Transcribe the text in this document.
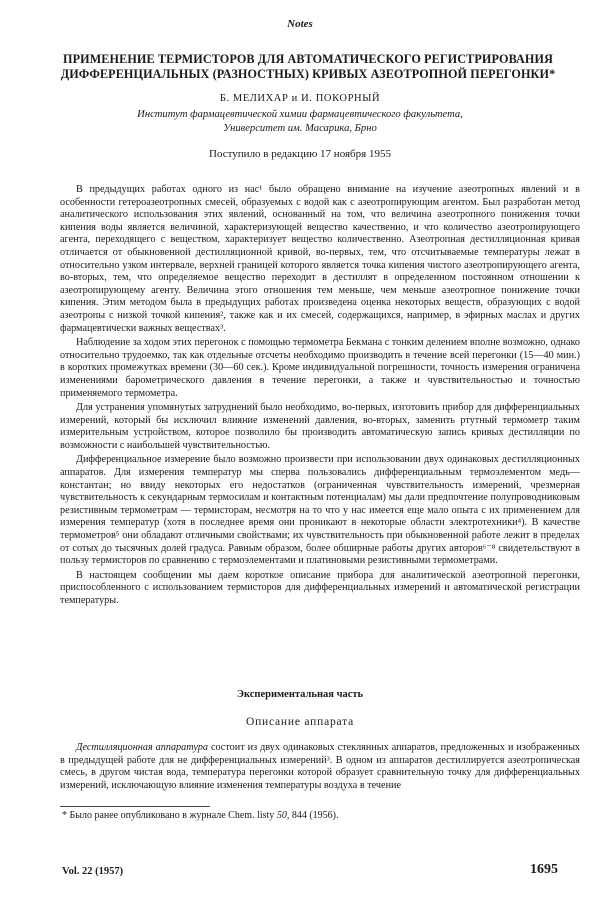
Notes
ПРИМЕНЕНИЕ ТЕРМИСТОРОВ ДЛЯ АВТОМАТИЧЕСКОГО РЕГИСТРИРОВАНИЯ ДИФФЕРЕНЦИАЛЬНЫХ (РАЗНОСТНЫХ) КРИВЫХ АЗЕОТРОПНОЙ ПЕРЕГОНКИ*
Б. МЕЛИХАР и И. ПОКОРНЫЙ
Институт фармацевтической химии фармацевтического факультета,
Университет им. Масарика, Брно
Поступило в редакцию 17 ноября 1955

В предыдущих работах одного из нас¹ было обращено внимание на изучение азеотропных явлений и в особенности гетероазеотропных смесей, образуемых с водой как с азеотропирующим агентом. Был разработан метод аналитического использования этих явлений, основанный на том, что величина азеотропного понижения точки кипения воды является величиной, характеризующей вещество качественно, и что количество азеотропирующего агента, переходящего с веществом, характеризует вещество количественно. Азеотропная дестилляционная кривая отличается от обыкновенной дестилляционной кривой, во-первых, тем, что отсчитываемые температуры лежат в относительно узком интервале, верхней границей которого является точка кипения чистого азеотропирующего агента, во-вторых, тем, что определяемое вещество переходит в дестиллят в определенном постоянном отношении к азеотропирующему агенту. Величина этого отношения тем меньше, чем меньше азеотропное понижение точки кипения. Этим методом была в предыдущих работах произведена оценка некоторых веществ, образующих с водой азеотропы с низкой точкой кипения², также как и их смесей, содержащихся, например, в эфирных маслах и других фармацевтически важных веществах³.

Наблюдение за ходом этих перегонок с помощью термометра Бекмана с тонким делением вполне возможно, однако относительно трудоемко, так как отдельные отсчеты необходимо производить в течение всей перегонки (15—40 мин.) в коротких промежутках времени (30—60 сек.). Кроме индивидуальной погрешности, точность измерения ограничена изменениями барометрического давления в течение перегонки, а также и чувствительностью и точностью применяемого термометра.

Для устранения упомянутых затруднений было необходимо, во-первых, изготовить прибор для дифференциальных измерений, который бы исключил влияние изменений давления, во-вторых, заменить ртутный термометр таким измерительным устройством, которое позволило бы производить автоматическую запись кривых дестилляции по возможности с наибольшей чувствительностью.

Дифференциальное измерение было возможно произвести при использовании двух одинаковых дестилляционных аппаратов. Для измерения температур мы сперва пользовались дифференциальным термоэлементом медь—константан; но ввиду некоторых его недостатков (ограниченная чувствительность измерений, чрезмерная чувствительность к секундарным термосилам и контактным потенциалам) мы дали предпочтение полупроводниковым резистивным термометрам — термисторам, несмотря на то что у нас имеется еще мало опыта с их применением для измерения температур (хотя в последнее время они проникают в некоторые области электротехники⁴). В качестве термометров⁵ они обладают отличными свойствами; их чувствительность при обыкновенной работе лежит в пределах от сотых до тысячных долей градуса. Равным образом, более обширные работы других авторов⁶⁻⁸ свидетельствуют в пользу термисторов по сравнению с термоэлементами и платиновыми резистивными термометрами.

В настоящем сообщении мы даем короткое описание прибора для аналитической азеотропной перегонки, приспособленного с использованием термисторов для дифференциальных измерений и автоматической регистрации температуры.

Экспериментальная часть
Описание аппарата

Дестилляционная аппаратура состоит из двух одинаковых стеклянных аппаратов, предложенных и изображенных в предыдущей работе для не дифференциальных измерений³. В одном из аппаратов дестиллируется азеотропическая смесь, в другом чистая вода, температура перегонки которой образует сравнительную точку для дифференциальных измерений, исключающую влияние изменения температуры воздуха в течение

* Было ранее опубликовано в журнале Chem. listy 50, 844 (1956).
Vol. 22 (1957)	1695
